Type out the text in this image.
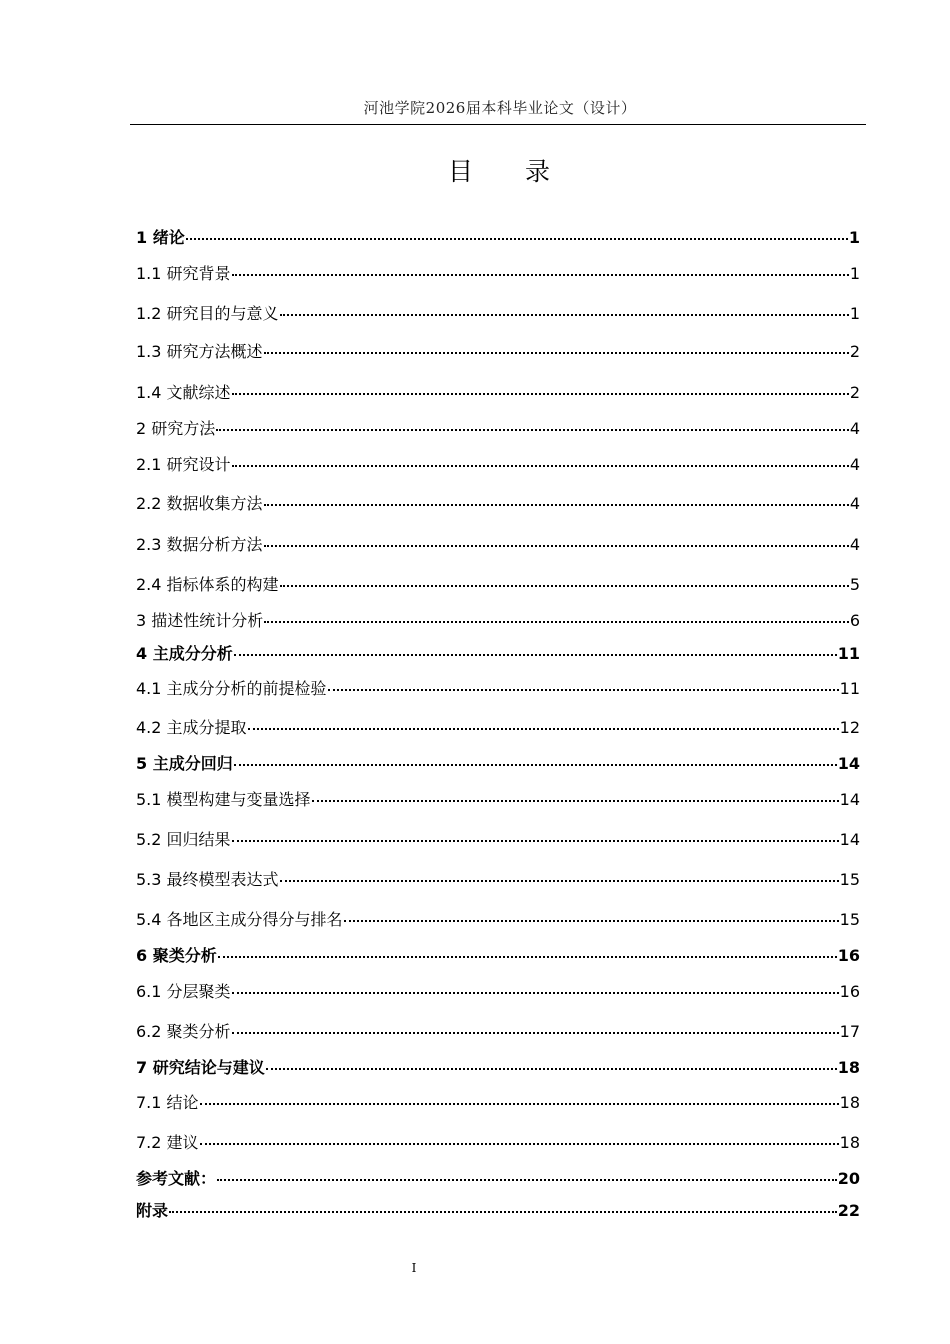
河池学院2026届本科毕业论文（设计）
目 录
1 绪论	1
1.1 研究背景	1
1.2 研究目的与意义	1
1.3 研究方法概述	2
1.4 文献综述	2
2 研究方法	4
2.1 研究设计	4
2.2 数据收集方法	4
2.3 数据分析方法	4
2.4 指标体系的构建	5
3 描述性统计分析	6
4 主成分分析	11
4.1 主成分分析的前提检验	11
4.2 主成分提取	12
5 主成分回归	14
5.1 模型构建与变量选择	14
5.2 回归结果	14
5.3 最终模型表达式	15
5.4 各地区主成分得分与排名	15
6 聚类分析	16
6.1 分层聚类	16
6.2 聚类分析	17
7 研究结论与建议	18
7.1 结论	18
7.2 建议	18
参考文献：	20
附录	22
I
